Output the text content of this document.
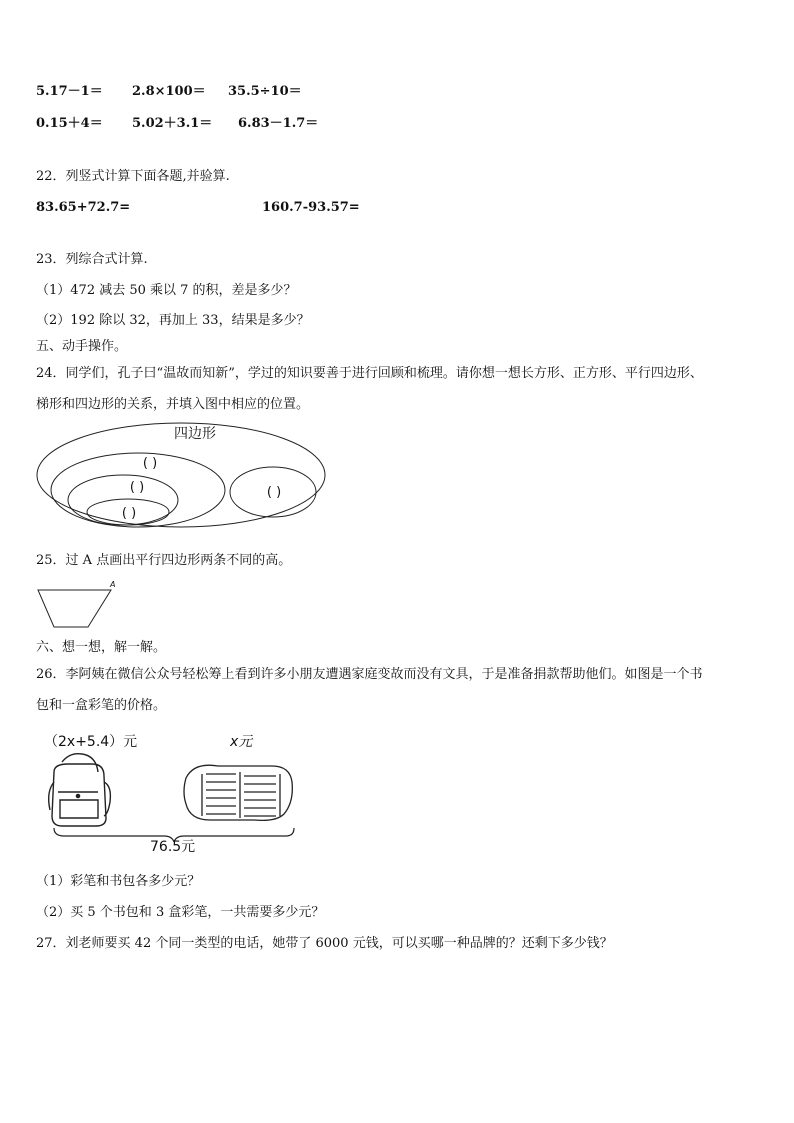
5.17－1＝ 2.8×100＝ 35.5÷10＝
0.15＋4＝ 5.02＋3.1＝ 6.83－1.7＝
22．列竖式计算下面各题,并验算.
83.65+72.7=	160.7-93.57=
23．列综合式计算.
（1）472 减去 50 乘以 7 的积，差是多少？
（2）192 除以 32，再加上 33，结果是多少？
五、动手操作。
24．同学们，孔子曰“温故而知新”，学过的知识要善于进行回顾和梳理。请你想一想长方形、正方形、平行四边形、
梯形和四边形的关系，并填入图中相应的位置。
四边形
( )
( )
( )
( )
25．过 A 点画出平行四边形两条不同的高。
A
六、想一想，解一解。
26．李阿姨在微信公众号轻松筹上看到许多小朋友遭遇家庭变故而没有文具，于是准备捐款帮助他们。如图是一个书
包和一盒彩笔的价格。
（2x+5.4）元	x元
76.5元
（1）彩笔和书包各多少元？
（2）买 5 个书包和 3 盒彩笔，一共需要多少元？
27．刘老师要买 42 个同一类型的电话，她带了 6000 元钱，可以买哪一种品牌的？还剩下多少钱？
